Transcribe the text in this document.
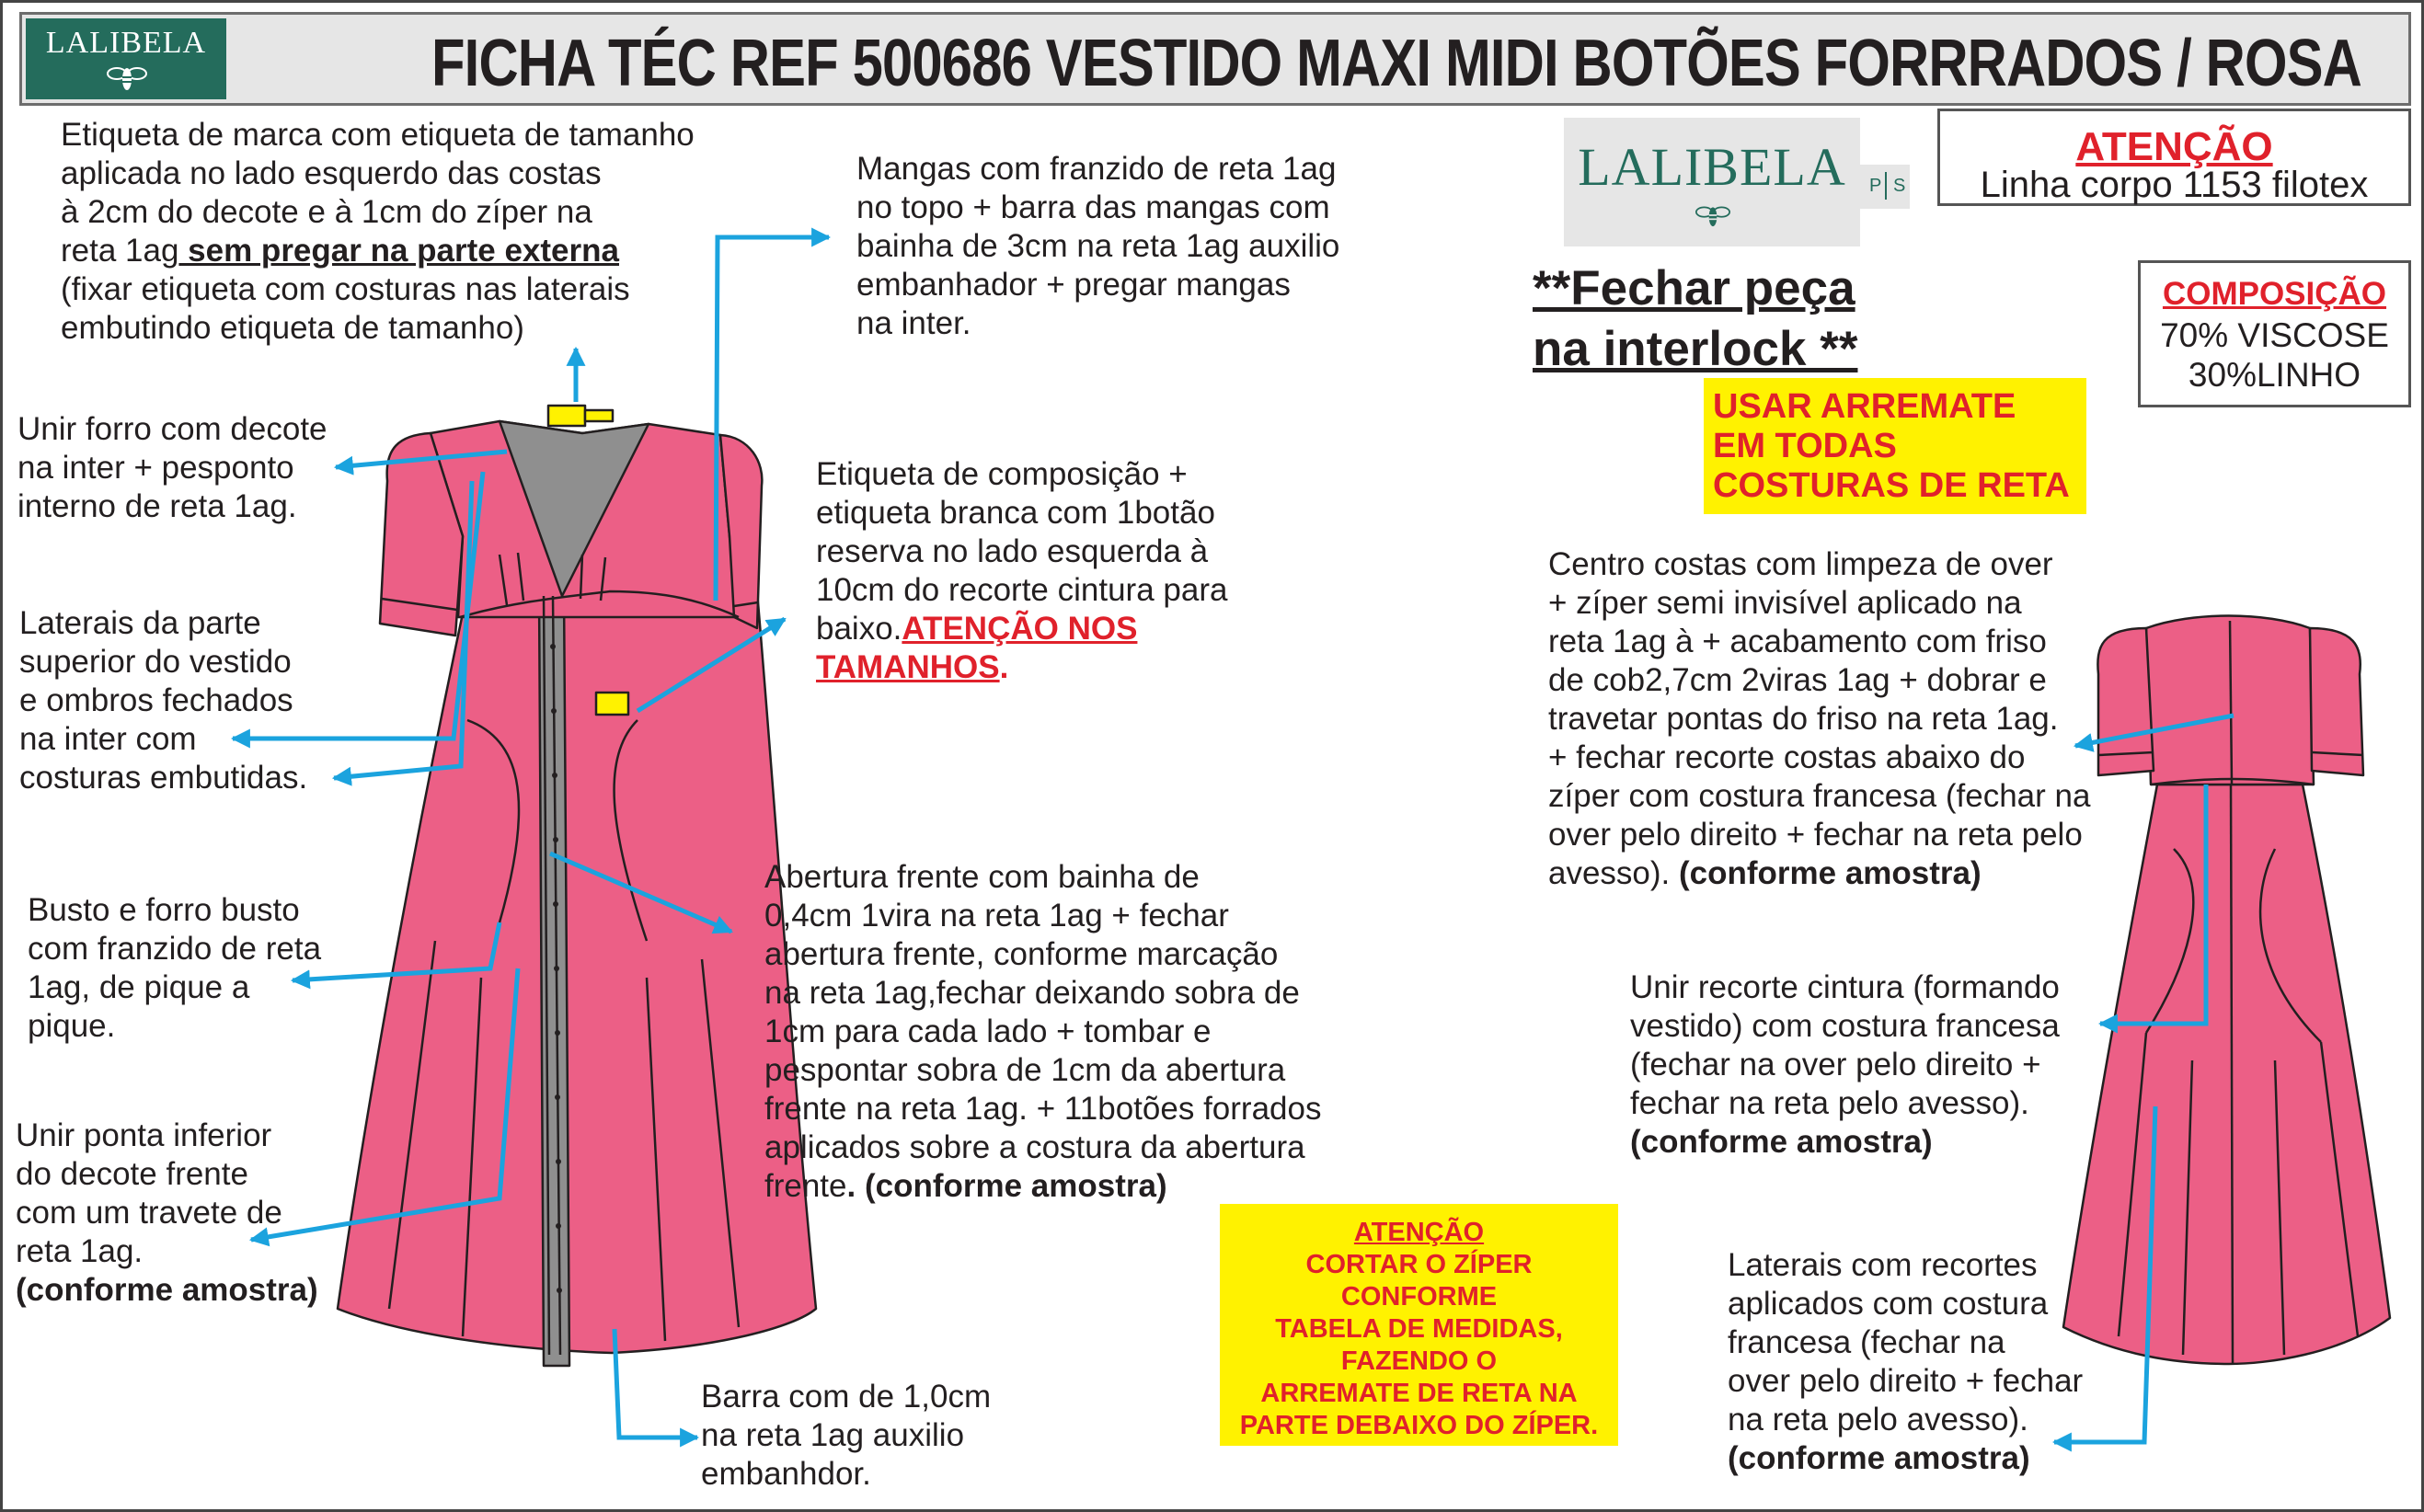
LALIBELA	FICHA TÉC REF 500686 VESTIDO MAXI MIDI BOTÕES FORRRADOS / ROSA
LALIBELA	P S
ATENÇÃO
Linha corpo 1153 filotex
COMPOSIÇÃO
70% VISCOSE
30%LINHO
**Fechar peça
na interlock **
USAR ARREMATE
EM TODAS
COSTURAS DE RETA
ATENÇÃO
CORTAR O ZÍPER
CONFORME
TABELA DE MEDIDAS,
FAZENDO O
ARREMATE DE RETA NA
PARTE DEBAIXO DO ZÍPER.
Etiqueta de marca com etiqueta de tamanho
aplicada no lado esquerdo das costas
à 2cm do decote e à 1cm do zíper na
reta 1ag sem pregar na parte externa
(fixar etiqueta com costuras nas laterais
embutindo etiqueta de tamanho)
Mangas com franzido de reta 1ag
no topo + barra das mangas com
bainha de 3cm na reta 1ag auxilio
embanhador + pregar mangas
na inter.
Unir forro com decote
na inter + pesponto
interno de reta 1ag.
Etiqueta de composição +
etiqueta branca com 1botão
reserva no lado esquerda à
10cm do recorte cintura para
baixo.ATENÇÃO NOS
TAMANHOS.
Laterais da parte
superior do vestido
e ombros fechados
na inter com
costuras embutidas.
Busto e forro busto
com franzido de reta
1ag, de pique a
pique.
Abertura frente com bainha de
0,4cm 1vira na reta 1ag + fechar
abertura frente, conforme marcação
na reta 1ag,fechar deixando sobra de
1cm para cada lado + tombar e
pespontar sobra de 1cm da abertura
frente na reta 1ag. + 11botões forrados
aplicados sobre a costura da abertura
frente. (conforme amostra)
Unir ponta inferior
do decote frente
com um travete de
reta 1ag.
(conforme amostra)
Barra com de 1,0cm
na reta 1ag auxilio
embanhdor.
Centro costas com limpeza de over
+ zíper semi invisível aplicado na
reta 1ag à + acabamento com friso
de cob2,7cm 2viras 1ag + dobrar e
travetar pontas do friso na reta 1ag.
+ fechar recorte costas abaixo do
zíper com costura francesa (fechar na
over pelo direito + fechar na reta pelo
avesso). (conforme amostra)
Unir recorte cintura (formando
vestido) com costura francesa
(fechar na over pelo direito +
fechar na reta pelo avesso).
(conforme amostra)
Laterais com recortes
aplicados com costura
francesa (fechar na
over pelo direito + fechar
na reta pelo avesso).
(conforme amostra)
